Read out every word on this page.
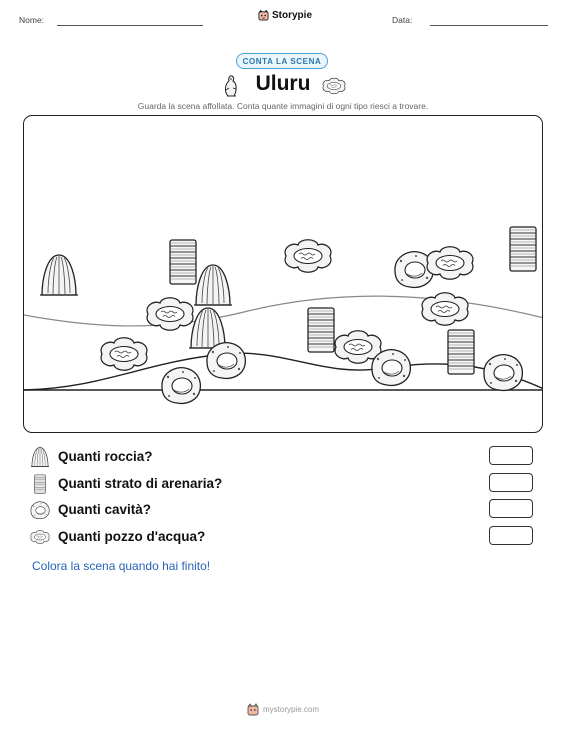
Nome:	Storypie	Data:
CONTA LA SCENA
Uluru
Guarda la scena affollata. Conta quante immagini di ogni tipo riesci a trovare.
Quanti roccia?
Quanti strato di arenaria?
Quanti cavità?
Quanti pozzo d'acqua?
Colora la scena quando hai finito!
mystorypie.com
